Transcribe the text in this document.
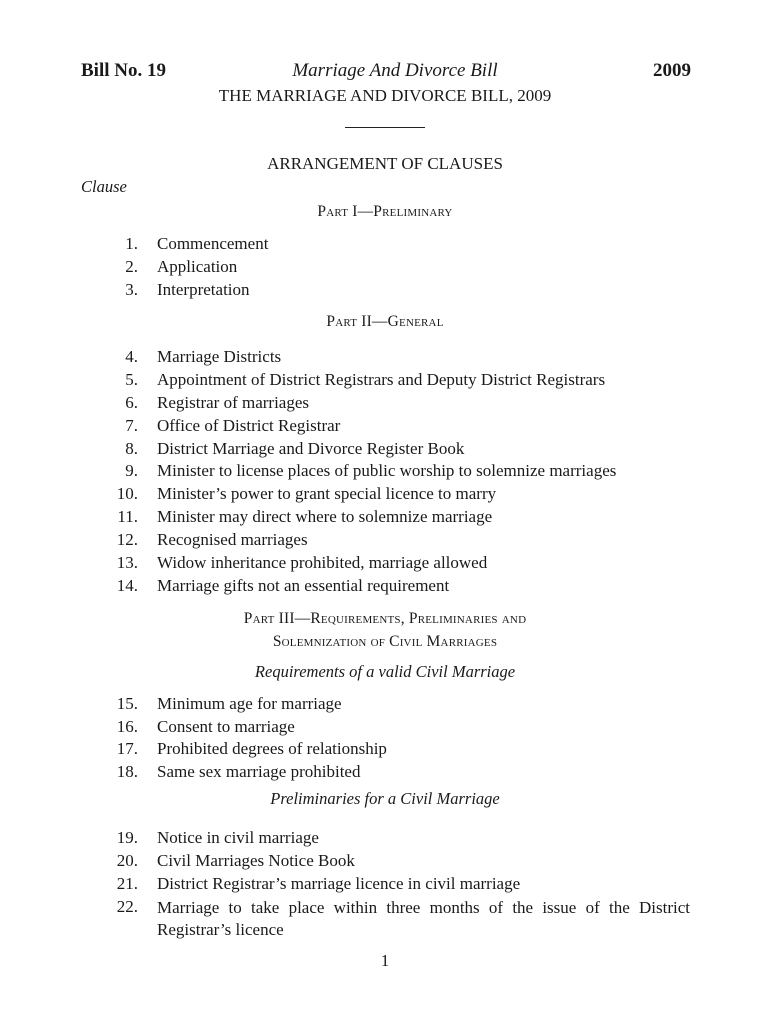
Bill No. 19	Marriage And Divorce Bill	2009
THE MARRIAGE AND DIVORCE BILL, 2009
ARRANGEMENT OF CLAUSES
Clause
Part I—Preliminary
1. Commencement
2. Application
3. Interpretation
Part II—General
4. Marriage Districts
5. Appointment of District Registrars and Deputy District Registrars
6. Registrar of marriages
7. Office of District Registrar
8. District Marriage and Divorce Register Book
9. Minister to license places of public worship to solemnize marriages
10. Minister’s power to grant special licence to marry
11. Minister may direct where to solemnize marriage
12. Recognised marriages
13. Widow inheritance prohibited, marriage allowed
14. Marriage gifts not an essential requirement
Part III—Requirements, Preliminaries and
Solemnization of Civil Marriages
Requirements of a valid Civil Marriage
15. Minimum age for marriage
16. Consent to marriage
17. Prohibited degrees of relationship
18. Same sex marriage prohibited
Preliminaries for a Civil Marriage
19. Notice in civil marriage
20. Civil Marriages Notice Book
21. District Registrar’s marriage licence in civil marriage
22. Marriage to take place within three months of the issue of the District Registrar’s licence
1
